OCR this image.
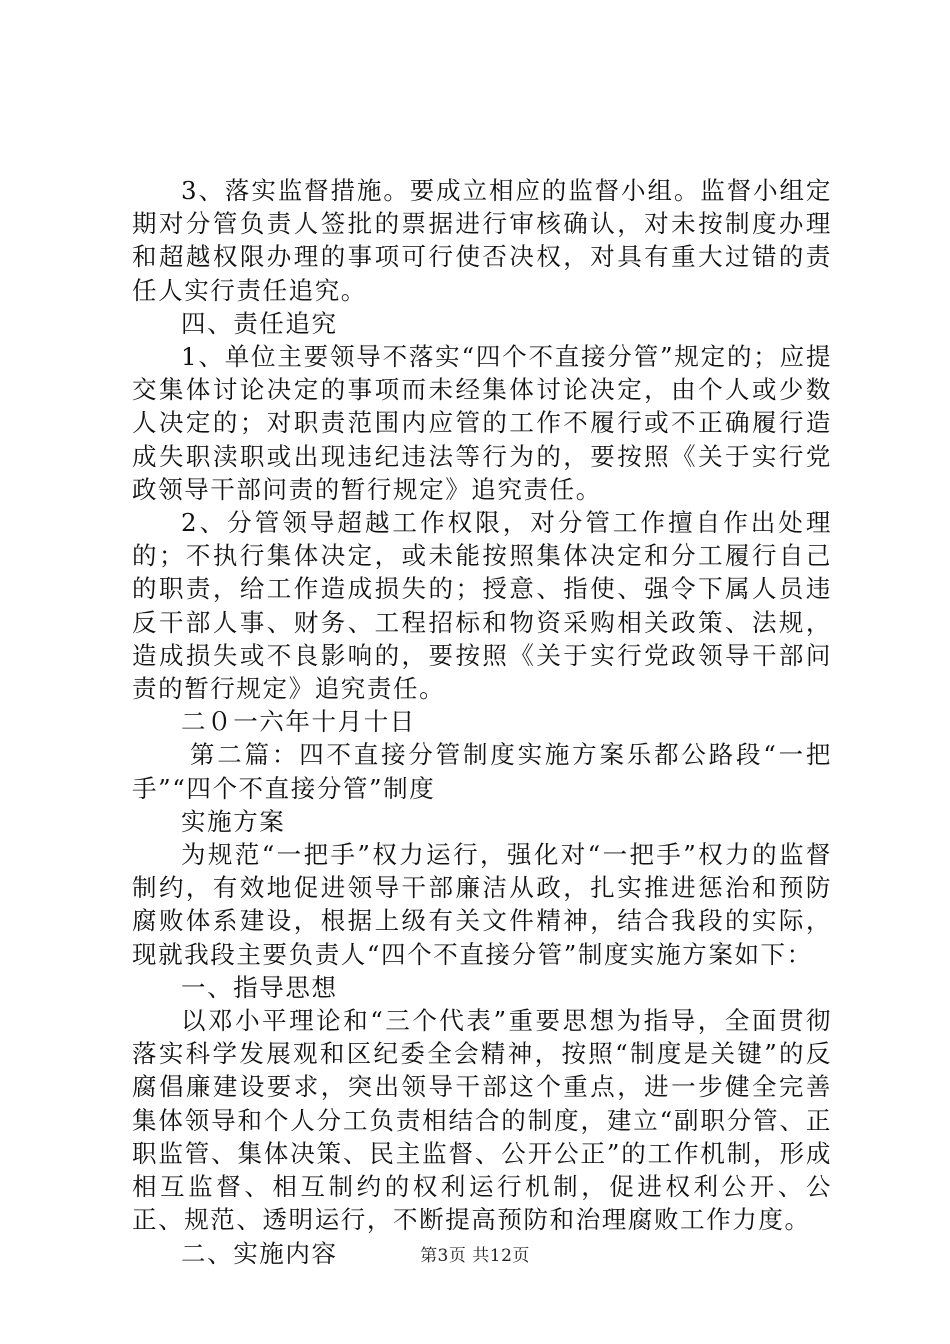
3、落实监督措施。要成立相应的监督小组。监督小组定期对分管负责人签批的票据进行审核确认，对未按制度办理和超越权限办理的事项可行使否决权，对具有重大过错的责任人实行责任追究。

四、责任追究

1、单位主要领导不落实“四个不直接分管”规定的；应提交集体讨论决定的事项而未经集体讨论决定，由个人或少数人决定的；对职责范围内应管的工作不履行或不正确履行造成失职渎职或出现违纪违法等行为的，要按照《关于实行党政领导干部问责的暂行规定》追究责任。

2、分管领导超越工作权限，对分管工作擅自作出处理的；不执行集体决定，或未能按照集体决定和分工履行自己的职责，给工作造成损失的；授意、指使、强令下属人员违反干部人事、财务、工程招标和物资采购相关政策、法规，造成损失或不良影响的，要按照《关于实行党政领导干部问责的暂行规定》追究责任。

二０一六年十月十日

第二篇：四不直接分管制度实施方案乐都公路段“一把手”“四个不直接分管”制度

实施方案

为规范“一把手”权力运行，强化对“一把手”权力的监督制约，有效地促进领导干部廉洁从政，扎实推进惩治和预防腐败体系建设，根据上级有关文件精神，结合我段的实际，现就我段主要负责人“四个不直接分管”制度实施方案如下：

一、指导思想

以邓小平理论和“三个代表”重要思想为指导，全面贯彻落实科学发展观和区纪委全会精神，按照“制度是关键”的反腐倡廉建设要求，突出领导干部这个重点，进一步健全完善集体领导和个人分工负责相结合的制度，建立“副职分管、正职监管、集体决策、民主监督、公开公正”的工作机制，形成相互监督、相互制约的权利运行机制，促进权利公开、公正、规范、透明运行，不断提高预防和治理腐败工作力度。

二、实施内容	第3页 共12页
